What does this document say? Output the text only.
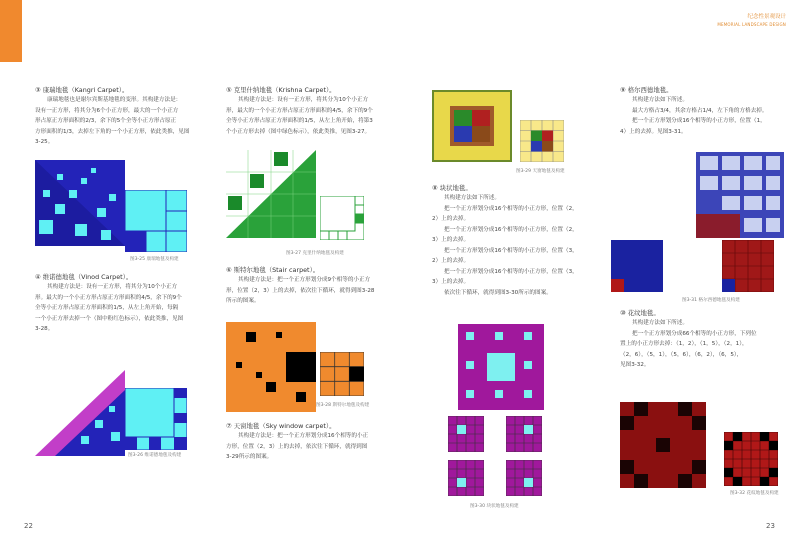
纪念性景观设计
MEMORIAL LANDSCAPE DESIGN
22	23

③ 康瑞地毯（Kangri Carpet）。

康瑞地毯也是谢尔宾斯基地毯的变形。其构建方法是：

设有一正方形，将其分为6个小正方形，最大的一个小正方

形占原正方形面积的2/3，余下的5个全等小正方形占原正

方形面积的1/3，去掉左下角的一个小正方形，依此类推，见图

3-25。

图3-25 康瑞地毯及构建

④ 维诺德地毯（Vinod Carpet）。

其构建方法是：设有一正方形，将其分为10个小正方

形。最大的一个小正方形占原正方形面积的4/5，余下的9个

全等小正方形占原正方形面积的1/5，从左上角开始，每隔

一个小正方形去掉一个（图中粉红色标示），依此类推，见图

3-28。

图3-26 维诺德地毯及构建

⑤ 克里什纳地毯（Krishna Carpet）。

其构建方法是：设有一正方形，将其分为10个小正方

形，最大的一个小正方形占原正方形面积的4/5，余下的9个

全等小正方形占原正方形面积的1/5，从左上角开始，将第3

个小正方形去掉（图中绿色标示），依此类推，见图3-27。

图3-27 克里什纳地毯及构建

⑥ 斯特尔地毯（Stair carpet）。

其构建方法是：把一个正方形划分成9个相等的小正方

形，位置（2，3）上的去掉，依次往下循环，就得到图3-28

所示的图案。

图3-28 斯特尔地毯及构建

⑦ 天窗地毯（Sky window carpet）。

其构建方法是：把一个正方形划分成16个相等的小正

方形，位置（2，3）上的去掉，依次往下循环，就得到图

3-29所示的图案。

图3-29 天窗地毯及构建

⑧ 块状地毯。

其构建方法如下所述。

把一个正方形划分成16个相等的小正方形，位置（2，

2）上的去掉。

把一个正方形划分成16个相等的小正方形，位置（2，

3）上的去掉。

把一个正方形划分成16个相等的小正方形，位置（3，

2）上的去掉。

把一个正方形划分成16个相等的小正方形，位置（3，

3）上的去掉。

依次往下循环，就得到图3-30所示的图案。

图3-30 块状地毯及构建

⑨ 格尔西德地毯。

其构建方法如下所述。

最大方格占3/4，其余方格占1/4，左下角的方格去掉。

把一个正方形划分成16个相等的小正方形，位置（1，

4）上的去掉。见图3-31。

图3-31 格尔西德地毯及构建

⑩ 花纹地毯。

其构建方法如下所述。

把一个正方形划分成66个相等的小正方形，下列位

置上的小正方形去掉：（1，2），（1，5），（2，1），

（2，6），（5，1），（5，6），（6，2），（6，5），

见图3-32。

图3-32 花纹地毯及构建
